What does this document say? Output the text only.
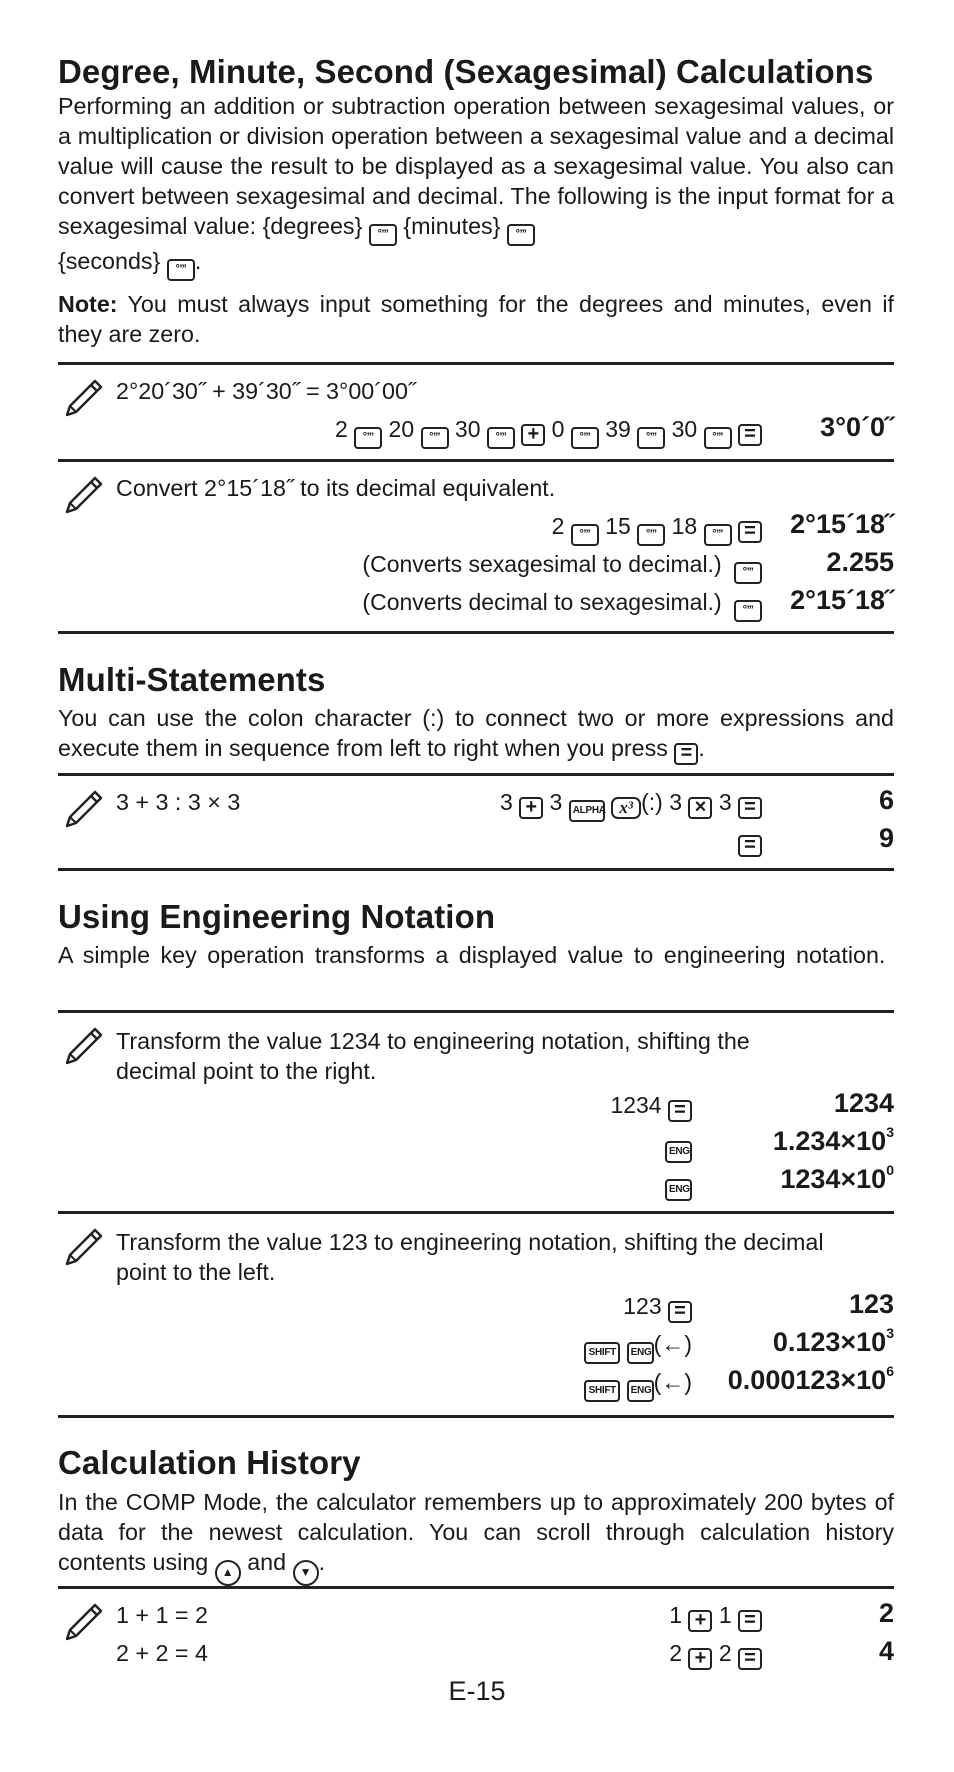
Degree, Minute, Second (Sexagesimal) Calculations

Performing an addition or subtraction operation between sexagesimal values, or a multiplication or division operation between a sexagesimal value and a decimal value will cause the result to be displayed as a sexagesimal value. You also can convert between sexagesimal and decimal. The following is the input format for a sexagesimal value: {degrees} °’’’ {minutes} °’’’
{seconds} °’’’ .

Note: You must always input something for the degrees and minutes, even if they are zero.

2°20´30˝ + 39´30˝ = 3°00´00˝
2 °’’’ 20 °’’’ 30 °’’’ + 0 °’’’ 39 °’’’ 30 °’’’ = 3°0´0˝
Convert 2°15´18˝ to its decimal equivalent.
2 °’’’ 15 °’’’ 18 °’’’ = 2°15´18˝
(Converts sexagesimal to decimal.) °’’’	2.255
(Converts decimal to sexagesimal.) °’’’	2°15´18˝
Multi-Statements

You can use the colon character (:) to connect two or more expressions and execute them in sequence from left to right when you press = .

3 + 3 : 3 × 3	3 + 3 ALPHA x³ (:) 3 × 3 =	6
=	9
Using Engineering Notation

A simple key operation transforms a displayed value to engineering notation.

Transform the value 1234 to engineering notation, shifting the
decimal point to the right.
1234 =	1234
ENG	$1.234\times 10^3$
ENG	$1234\times 10^0$
Transform the value 123 to engineering notation, shifting the decimal
point to the left.
123 =	123
SHIFT ENG(←)	$0.123\times 10^3$
SHIFT ENG(←) $0.000123\times 10^6$
Calculation History

In the COMP Mode, the calculator remembers up to approximately 200 bytes of data for the newest calculation. You can scroll through calculation history contents using ▲ and ▼ .

1 + 1 = 2	1 + 1 =	2
2 + 2 = 4	2 + 2 =	4
E-15
